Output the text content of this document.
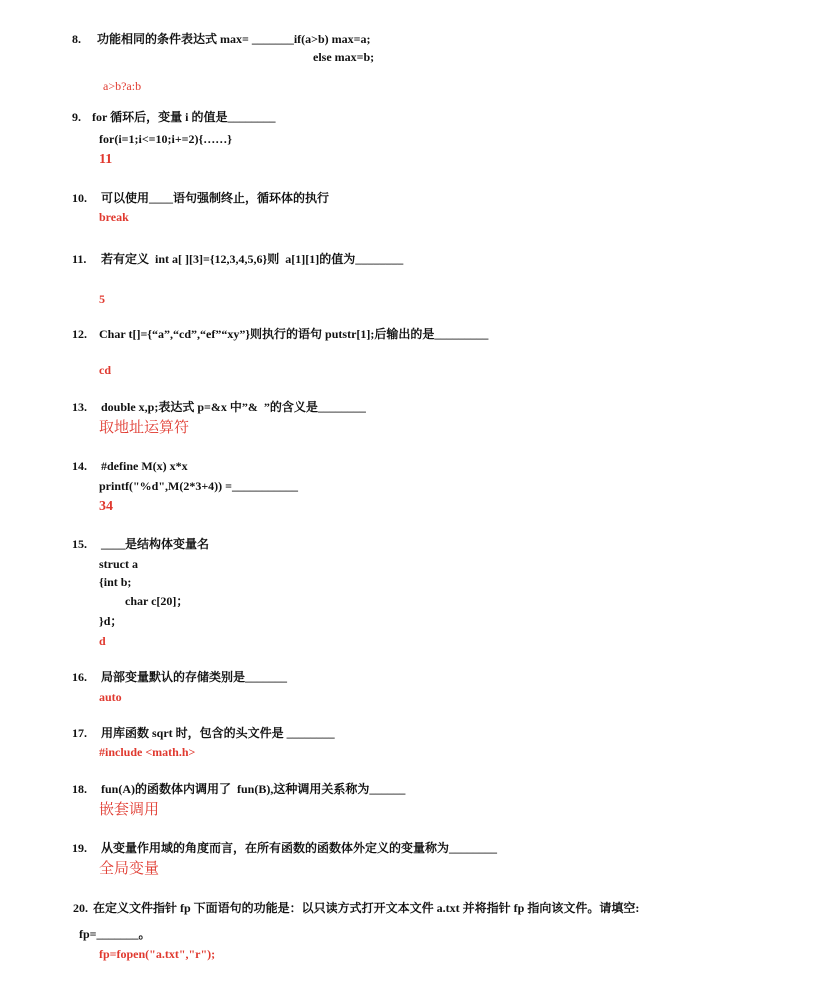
8. 功能相同的条件表达式 max= _______if(a>b) max=a;
else max=b;
a>b?a:b
9. for 循环后，变量 i 的值是________
for(i=1;i<=10;i+=2){……}
11
10. 可以使用____语句强制终止，循环体的执行
break
11. 若有定义  int a[ ][3]={12,3,4,5,6}则  a[1][1]的值为________
5
12. Char t[]={“a”,“cd”,“ef”“xy”}则执行的语句 putstr[1];后输出的是_________
cd
13. double x,p;表达式 p=&x 中”&  ”的含义是________
取地址运算符
14. #define M(x) x*x
printf("%d",M(2*3+4)) =___________
34
15. ____是结构体变量名
struct a
{int b;
char c[20]；
}d；
d
16. 局部变量默认的存储类别是_______
auto
17. 用库函数 sqrt 时，包含的头文件是 ________
#include <math.h>
18. fun(A)的函数体内调用了  fun(B),这种调用关系称为______
嵌套调用
19. 从变量作用域的角度而言，在所有函数的函数体外定义的变量称为________
全局变量
20. 在定义文件指针 fp 下面语句的功能是：以只读方式打开文本文件 a.txt 并将指针 fp 指向该文件。请填空:
fp=_______。
fp=fopen("a.txt","r");
